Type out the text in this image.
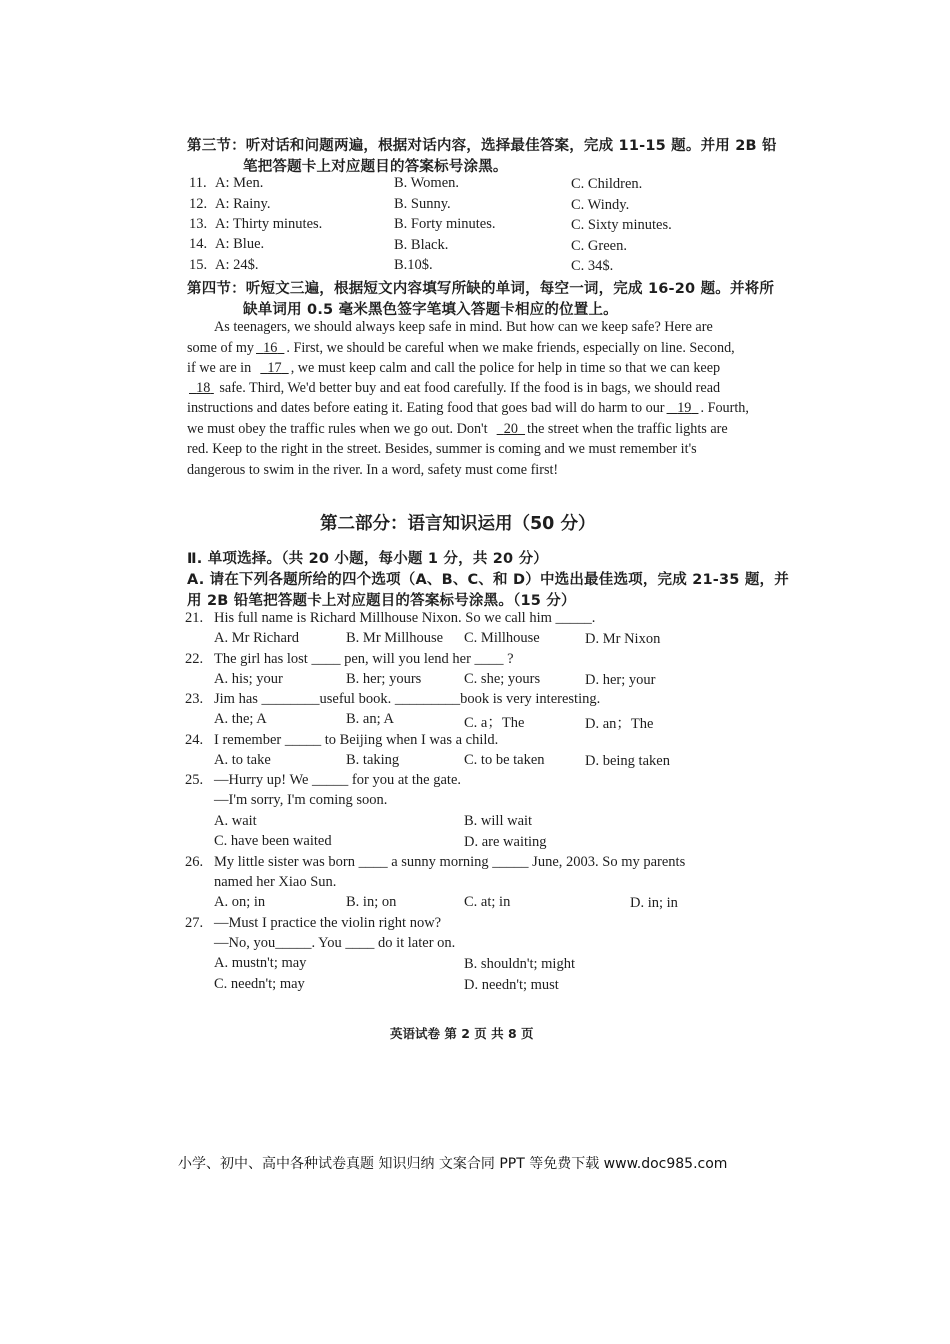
第三节：听对话和问题两遍，根据对话内容，选择最佳答案，完成 11-15 题。并用 2B 铅
笔把答题卡上对应题目的答案标号涂黑。
11. A: Men.	B. Women.	C. Children.
12. A: Rainy.	B. Sunny.	C. Windy.
13. A: Thirty minutes.	B. Forty minutes.	C. Sixty minutes.
14. A: Blue.	B. Black.	C. Green.
15. A: 24$.	B.10$.	C. 34$.
第四节：听短文三遍，根据短文内容填写所缺的单词，每空一词，完成 16-20 题。并将所
缺单词用 0.5 毫米黑色签字笔填入答题卡相应的位置上。
As teenagers, we should always keep safe in mind. But how can we keep safe? Here are
some of my 16 . First, we should be careful when we make friends, especially on line. Second,
if we are in 17 , we must keep calm and call the police for help in time so that we can keep
18 safe. Third, We'd better buy and eat food carefully. If the food is in bags, we should read
instructions and dates before eating it. Eating food that goes bad will do harm to our 19 . Fourth,
we must obey the traffic rules when we go out. Don't 20 the street when the traffic lights are
red. Keep to the right in the street. Besides, summer is coming and we must remember it's
dangerous to swim in the river. In a word, safety must come first!
第二部分：语言知识运用（50 分）
Ⅱ. 单项选择。（共 20 小题，每小题 1 分，共 20 分）
A. 请在下列各题所给的四个选项（A、B、C、和 D）中选出最佳选项，完成 21-35 题，并
用 2B 铅笔把答题卡上对应题目的答案标号涂黑。（15 分）
21. His full name is Richard Millhouse Nixon. So we call him _____.
A. Mr Richard	B. Mr Millhouse C. Millhouse	D. Mr Nixon
22. The girl has lost ____ pen, will you lend her ____ ?
A. his; your	B. her; yours	C. she; yours	D. her; your
23. Jim has ________useful book. _________book is very interesting.
A. the; A	B. an; A	C. a；The	D. an；The
24. I remember _____ to Beijing when I was a child.
A. to take	B. taking	C. to be taken	D. being taken
25. —Hurry up! We _____ for you at the gate.
—I'm sorry, I'm coming soon.
A. wait	B. will wait
C. have been waited	D. are waiting
26. My little sister was born ____ a sunny morning _____ June, 2003. So my parents
named her Xiao Sun.
A. on; in	B. in; on	C. at; in	D. in; in
27. —Must I practice the violin right now?
—No, you_____. You ____ do it later on.
A. mustn't; may	B. shouldn't; might
C. needn't; may	D. needn't; must
英语试卷 第 2 页 共 8 页
小学、初中、高中各种试卷真题 知识归纳 文案合同 PPT 等免费下载 www.doc985.com
